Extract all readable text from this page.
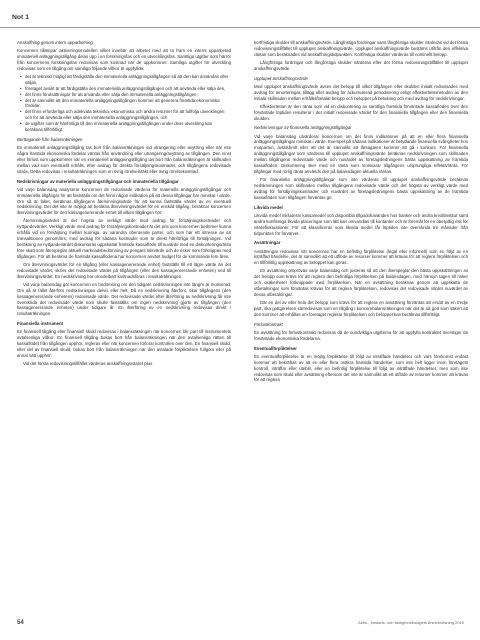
Not 1

Anskaffning genom intern upparbetning

Koncernen tillämpar aktiveringsmodellen vilket innebär att arbetet med att ta fram en internt upparbetad immateriell anläggningstillgång delas upp i en forskningsfas och en utvecklingsfas. Samtliga utgifter som härrör från koncernens forskningsfas redovisas som kostnad när de uppkommer. Samtliga utgifter för utveckling redovisas som en tillgång om samtliga följande villkor är uppfyllda:

• det är tekniskt möjligt att färdigställa den immateriella anläggningstillgången så att den kan användas eller säljas,
• företaget avsikt är att färdigställa den immateriella anläggningstillgången och att använda eller sälja den,
• det finns förutsättningar för att använda eller sälja den immateriella anläggningstillgången,
• det är sannolikt att den immateriella anläggningstillgången kommer att generera framtida ekonomiska fördelar,
• det finns erforderliga och adekvata tekniska, ekonomiska och andra resurser för att fullfölja utvecklingen och för att använda eller sälja den immateriella anläggningstillgången, och
• de utgifter som är hänförliga till den immateriella anläggningstillgången under dess utveckling kan beräknas tillförlitligt.

Borttagande från balansräkningen

En immateriell anläggningstillgång tas bort från balansräkningen vid utrangering eller avyttring eller när inte några framtida ekonomiska fördelar väntas från användning eller utrangering/avyttring av tillgången. Den vinst eller förlust som uppkommer när en immateriell anläggningstillgång tas bort från balansräkningen är skillnaden mellan vad som eventuellt erhålls, efter avdrag för direkta försäljningskostnader, och tillgångens redovisade värde. Detta redovisas i resultaträkningen som en övrig rörelseintäkt eller övrig rörelsekostnad.

Nedskrivningar av materiella anläggningstillgångar och immateriella tillgångar

Vid varje balansdag analyserar koncernen de redovisade värdena för materiella anläggningstillgångar och immateriella tillgångar för att fastställa om det finns någon indikation på att dessa tillgångar har minskat i värde. Om så är fallet, beräknas tillgångens återvinningsvärde för att kunna fastställa värdet av en eventuell nedskrivning. Det det inte är möjligt att beräkna återvinningsvärdet för en enskild tillgång, beräknar koncernen återvinningsvärdet för den kassagenererande enhet till vilken tillgången hör.

Återvinningsvärdet är det högsta av verkligt värde med avdrag för försäljningskostnader och nyttjandevärdet. Verkligt värde med avdrag för försäljningskostnader är det pris som koncernen bedömer kunna erhålla vid en försäljning mellan kunniga, av varandra oberoende parter, och som har ett intresse av att transaktionen genomförs, med avdrag för sådana kostnader som är direkt hänförliga till försäljningen. Vid beräkning av nyttjandevärdet diskonteras uppskattat framtida kassaflöde till nuvärde med en diskonteringsränta före skatt som återspeglar aktuell marknadsbedömning av pengars tidsvärde och de risker som förknippas med tillgången. För att beräkna de framtida kassaflödena har koncernen använt budget för de kommande fem åren.

Om återvinningsvärdet för en tillgång (eller kassagenererande enhet) fastställs till ett lägre värde än det redovisade värdet, skrivs det redovisade värdet på tillgången (eller den kassagenererande enheten) ned till återvinningsvärdet. En nedskrivning har omedelbart kostnadsföras i resultaträkningen.

Vid varje balansdag gör koncernen en bedömning om den tidigare nedskrivningen inte längre är motiverad. Om så är fallet återförs nedskrivningen delvis eller helt. Då en nedskrivning återförs, ökar tillgångens (den kassagenererande enhetens) redovisade värde. Det redovisade värdet efter återföring av nedskrivning får inte överskrida det redovisade värde som skulle fastställts om ingen nedskrivning gjorts av tillgången (den kassagenererande enheten) under tidigare år. En återföring av en nedskrivning redovisas direkt i resultaträkningen.

Finansiella instrument

En finansiell tillgång eller finansiell skuld redovisas i balansräkningen när koncernen blir part till instrumentets avtalsenliga villkor. En finansiell tillgång bokas bort från balansräkningen när den avtalsenliga rätten till kassaflödet från tillgången upphör, regleras eller när koncernen förlorar kontrollen över den. En finansiell skuld, eller del av finansiell skuld, bokas bort från balansräkningen när den avtalade förpliktelsen fullgörs eller på annat sätt upphör.

Vid det första redovisningstillfället värderas anskaffningsvärdet plus

kortfristiga skulder till anskaffningsvärde. Långfristiga fordringar samt långfristiga skulder värderas vid det första redovisningstillfället till upplupet anskaffningsvärde. Upplupet anskaffningsvärde bestäms utifrån den effektiva räntan som beräknades vid anskaffningstidpunkten. Kortfristiga skulder värderas till nominellt belopp.

Långfristiga fordringar och långfristiga skulder värderas efter det första redovisningstillfället till upplupet anskaffningsvärde.

Upplupet anskaffningsvärde

Med upplupet anskaffningsvärde avses det belopp till vilket tillgången eller skulden initialt redovisades med avdrag för amorteringar, tillägg eller avdrag för ackumulerad periodisering enligt effektivräntemetoden av den initiala skillnaden mellan erhållet/betalat belopp och beloppet på betalning och med avdrag för nedskrivningar.

Effektivräntan är den ränta som vid en diskontering av samtliga framtida förväntade kassaflöden över den förväntade löptiden resulterar i det initialt redovisade värdet för den finansiella tillgången eller den finansiella skulden.

Nedskrivningar av finansiella anläggningstillgångar

Vid varje balansdag utvärderar koncernen om det finns indikationer på att en eller flera finansiella anläggningstillgångar minskat i värde. Exempel på sådana indikationer är betydande finansiella svårigheter hos motparten, avtalsbrott eller att det är sannolikt att låntagaren kommer att gå i konkurs. För finansiella anläggningstillgångar som värderas till upplupet anskaffningsvärde beräknas nedskrivningen som skillnaden mellan tillgångens redovisade värde och nuvärdet av företagsledningens bästa uppskattning av framtida kassaflöden. Diskontering sker med en ränta som motsvarar tillgångens ursprungliga effektivränta. För tillgångar med rörlig ränta används den på balansdagen aktuella räntan.

För finansiella anläggningstillgångar som inte värderas till upplupet anskaffningsvärde beräknas nedskrivningen som skillnaden mellan tillgångens redovisade värde och det högsta av verkligt värde med avdrag för försäljningskostnader och nuvärdet av företagsledningens bästa uppskattning av de framtida kassaflöden som tillgången förväntas ge.

Likvida medel

Likvida medel inkluderar kassamedel och disponibla tillgodohavanden hos banker och andra kreditinstitut samt andra kortfristiga likvida placeringar som lätt kan omvandlas till kontanter och är föremål för en obetydlig risk för värdefluktuationer. För att klassificeras som likvida medel får löptiden inte överskrida tre månader från tidpunkten för förvärvet.

Avsättningar

Avsättningar redovisas när koncernen har en befintlig förpliktelse (legal eller informell) som en följd av en inträffad händelse, det är sannolikt att ett utflöde av resurser kommer att krävas för att reglera förpliktelsen och en tillförlitlig uppskattning av beloppet kan göras.

En avsättning omprövas varje balansdag och justeras så att den återspeglar den bästa uppskattningen av det belopp som krävs för att reglera den befintliga förpliktelsen på balansdagen, med hänsyn tagen till risker och osäkerheter förknippade med förpliktelsen. När en avsättning beräknas genom att uppskatta de utbetalningar som förväntas krävas för att reglera förpliktelsen, redovisas det redovisade värdet nuvärdet av dessa utbetalningar.

Där en del av eller hela det belopp som krävs för att reglera en avsättning förväntas att ersatt av en tredje part, ska gottgörelsen särredovisas som en tillgång i koncernbalansräkningen när det är så gott som säkert att den kommer att erhållas om företaget reglerar förpliktelsen och beloppet kan beräknas tillförlitligt.

Förlustkontrakt

En avsättning för förlustkontrakt redovisas då de oundvikliga utgifterna för att uppfylla kontraktet överstiger de förväntade ekonomiska fördelarna.

Eventualförpliktelser

En eventualförpliktelse är en möjlig förpliktelse till följd av inträffade händelser och vars förekomst endast kommer att bekräftas av att en eller flera osäkra framtida händelser, som inte helt ligger inom företagets kontroll, inträffar eller uteblir, eller en befintlig förpliktelse till följd av inträffade händelser, men som inte redovisas som skuld eller avsättning eftersom det inte är sannolikt att ett utflöde av resurser kommer att krävas för att reglera

54	Aktie-, bostads- och fastighetsbolagets årsredovisning 2019
